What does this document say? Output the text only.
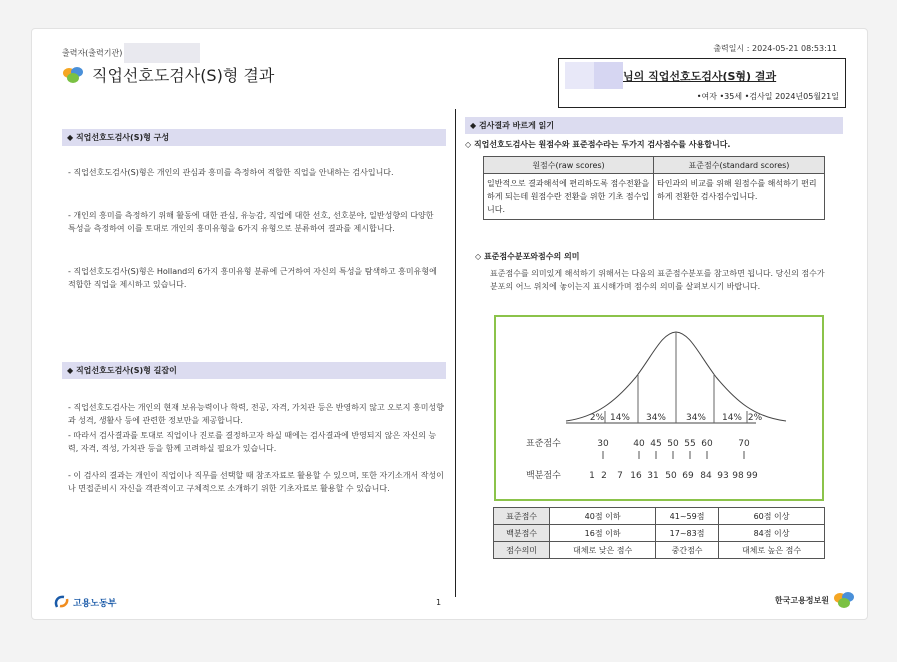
출력자(출력기관)	출력일시 : 2024-05-21 08:53:11
직업선호도검사(S)형 결과	님의 직업선호도검사(S형) 결과
•여자 •35세 •검사일 2024년05월21일
◆ 직업선호도검사(S)형 구성
- 직업선호도검사(S)형은 개인의 관심과 흥미를 측정하여 적합한 직업을 안내하는 검사입니다.
- 개인의 흥미를 측정하기 위해 활동에 대한 관심, 유능감, 직업에 대한 선호, 선호분야, 일반성향의 다양한 특성을 측정하여 이를 토대로 개인의 흥미유형을 6가지 유형으로 분류하여 결과를 제시합니다.
- 직업선호도검사(S)형은 Holland의 6가지 흥미유형 분류에 근거하여 자신의 특성을 탐색하고 흥미유형에 적합한 직업을 제시하고 있습니다.
◆ 직업선호도검사(S)형 길잡이
- 직업선호도검사는 개인의 현재 보유능력이나 학력, 전공, 자격, 가치관 등은 반영하지 않고 오로지 흥미성향과 성격, 생활사 등에 관련한 정보만을 제공합니다.
- 따라서 검사결과를 토대로 직업이나 진로를 결정하고자 하실 때에는 검사결과에 반영되지 않은 자신의 능력, 자격, 적성, 가치관 등을 함께 고려하실 필요가 있습니다.
- 이 검사의 결과는 개인이 직업이나 직무를 선택할 때 참조자료로 활용할 수 있으며, 또한 자기소개서 작성이나 면접준비시 자신을 객관적이고 구체적으로 소개하기 위한 기초자료로 활용할 수 있습니다.
◆ 검사결과 바르게 읽기
◇ 직업선호도검사는 원점수와 표준점수라는 두가지 검사점수를 사용합니다.
원점수(raw scores)	표준점수(standard scores)
일반적으로 결과해석에 편리하도록 점수전환을 하게 되는데 원점수란 전환을 위한 기초 점수입니다.	타인과의 비교를 위해 원점수를 해석하기 편리하게 전환한 검사점수입니다.
◇ 표준점수분포와점수의 의미
표준점수를 의미있게 해석하기 위해서는 다음의 표준점수분포를 참고하면 됩니다. 당신의 점수가 분포의 어느 위치에 놓이는지 표시해가며 점수의 의미를 살펴보시기 바랍니다.
2% 14% 34% 34% 14% 2%
표준점수	30	40 45 50 55 60	70
백분점수	1 2 7 16 31 50 69 84 93 98 99
표준점수	40점 이하	41~59점	60점 이상
백분점수	16점 이하	17~83점	84점 이상
점수의미	대체로 낮은 점수	중간점수	대체로 높은 점수
고용노동부	1	한국고용정보원
